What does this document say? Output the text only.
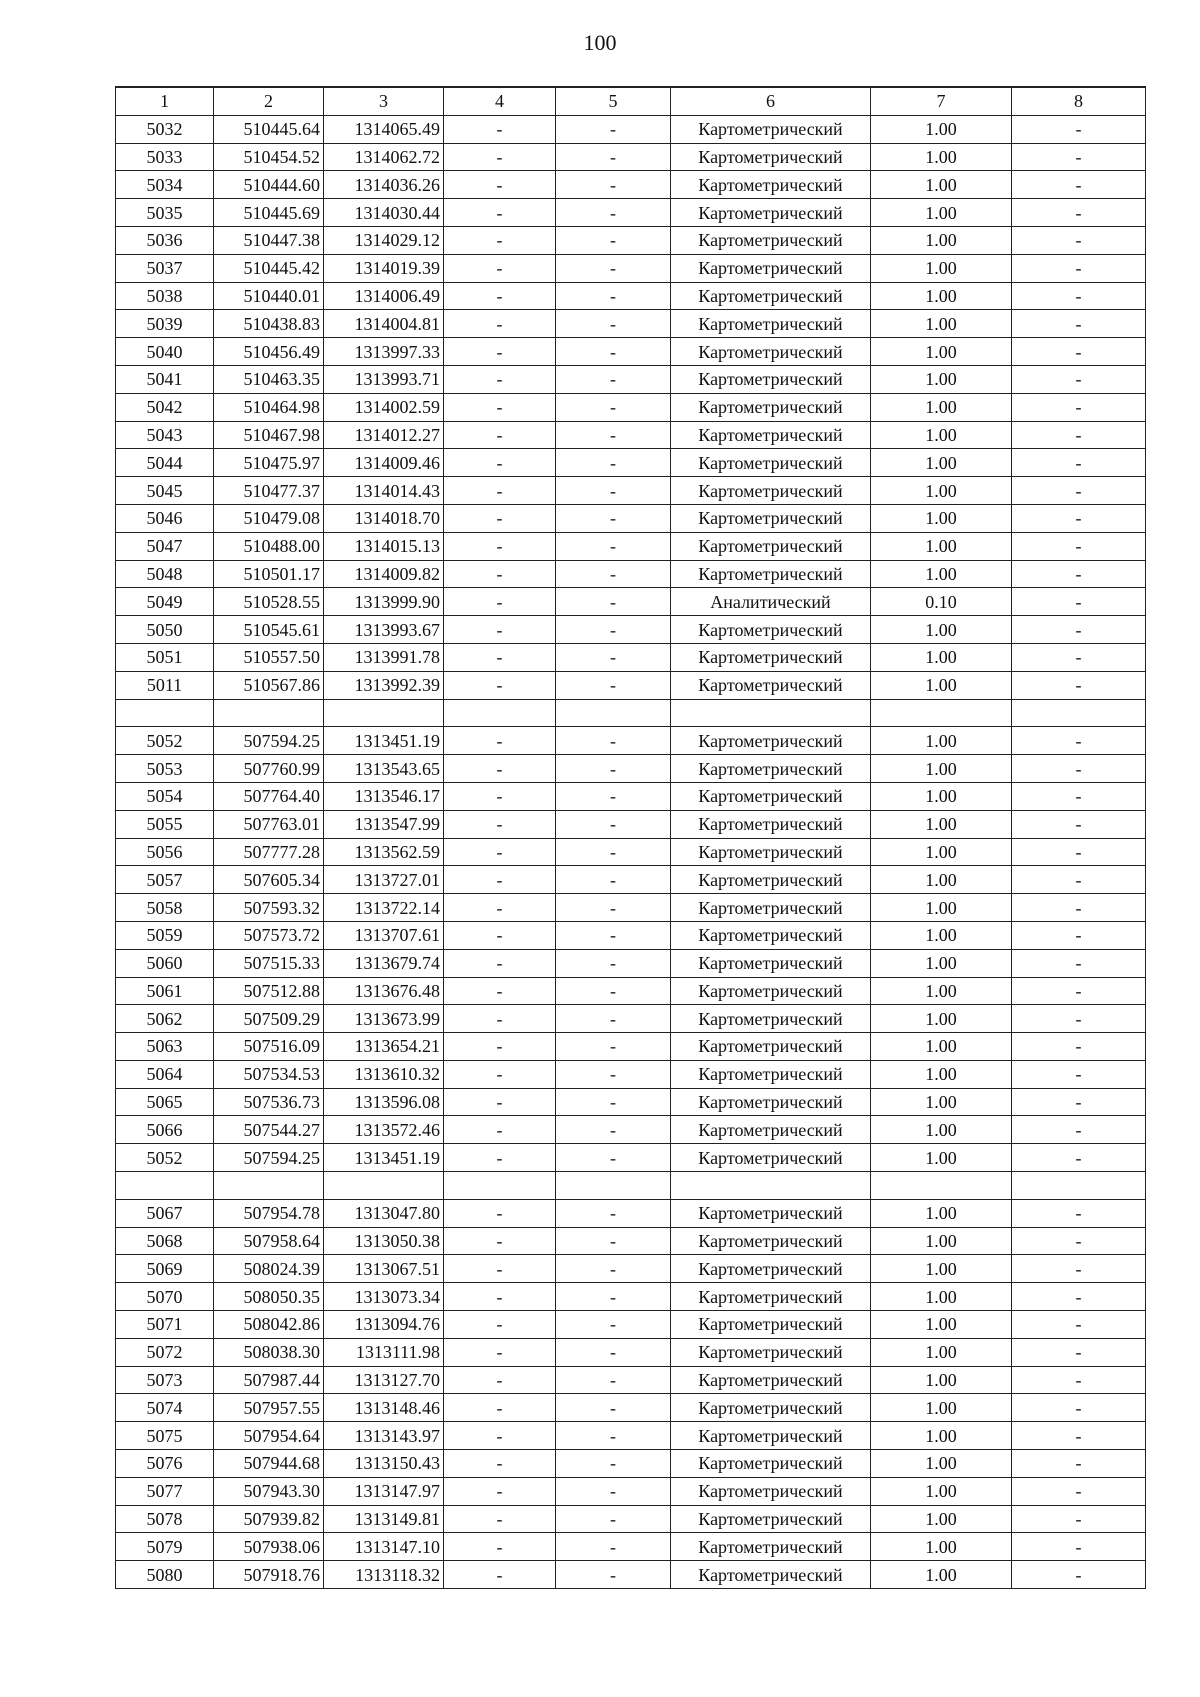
100
1	2	3	4	5	6	7	8
5032	510445.64	1314065.49	-	-	Картометрический	1.00	-
5033	510454.52	1314062.72	-	-	Картометрический	1.00	-
5034	510444.60	1314036.26	-	-	Картометрический	1.00	-
5035	510445.69	1314030.44	-	-	Картометрический	1.00	-
5036	510447.38	1314029.12	-	-	Картометрический	1.00	-
5037	510445.42	1314019.39	-	-	Картометрический	1.00	-
5038	510440.01	1314006.49	-	-	Картометрический	1.00	-
5039	510438.83	1314004.81	-	-	Картометрический	1.00	-
5040	510456.49	1313997.33	-	-	Картометрический	1.00	-
5041	510463.35	1313993.71	-	-	Картометрический	1.00	-
5042	510464.98	1314002.59	-	-	Картометрический	1.00	-
5043	510467.98	1314012.27	-	-	Картометрический	1.00	-
5044	510475.97	1314009.46	-	-	Картометрический	1.00	-
5045	510477.37	1314014.43	-	-	Картометрический	1.00	-
5046	510479.08	1314018.70	-	-	Картометрический	1.00	-
5047	510488.00	1314015.13	-	-	Картометрический	1.00	-
5048	510501.17	1314009.82	-	-	Картометрический	1.00	-
5049	510528.55	1313999.90	-	-	Аналитический	0.10	-
5050	510545.61	1313993.67	-	-	Картометрический	1.00	-
5051	510557.50	1313991.78	-	-	Картометрический	1.00	-
5011	510567.86	1313992.39	-	-	Картометрический	1.00	-

5052	507594.25	1313451.19	-	-	Картометрический	1.00	-
5053	507760.99	1313543.65	-	-	Картометрический	1.00	-
5054	507764.40	1313546.17	-	-	Картометрический	1.00	-
5055	507763.01	1313547.99	-	-	Картометрический	1.00	-
5056	507777.28	1313562.59	-	-	Картометрический	1.00	-
5057	507605.34	1313727.01	-	-	Картометрический	1.00	-
5058	507593.32	1313722.14	-	-	Картометрический	1.00	-
5059	507573.72	1313707.61	-	-	Картометрический	1.00	-
5060	507515.33	1313679.74	-	-	Картометрический	1.00	-
5061	507512.88	1313676.48	-	-	Картометрический	1.00	-
5062	507509.29	1313673.99	-	-	Картометрический	1.00	-
5063	507516.09	1313654.21	-	-	Картометрический	1.00	-
5064	507534.53	1313610.32	-	-	Картометрический	1.00	-
5065	507536.73	1313596.08	-	-	Картометрический	1.00	-
5066	507544.27	1313572.46	-	-	Картометрический	1.00	-
5052	507594.25	1313451.19	-	-	Картометрический	1.00	-

5067	507954.78	1313047.80	-	-	Картометрический	1.00	-
5068	507958.64	1313050.38	-	-	Картометрический	1.00	-
5069	508024.39	1313067.51	-	-	Картометрический	1.00	-
5070	508050.35	1313073.34	-	-	Картометрический	1.00	-
5071	508042.86	1313094.76	-	-	Картометрический	1.00	-
5072	508038.30	1313111.98	-	-	Картометрический	1.00	-
5073	507987.44	1313127.70	-	-	Картометрический	1.00	-
5074	507957.55	1313148.46	-	-	Картометрический	1.00	-
5075	507954.64	1313143.97	-	-	Картометрический	1.00	-
5076	507944.68	1313150.43	-	-	Картометрический	1.00	-
5077	507943.30	1313147.97	-	-	Картометрический	1.00	-
5078	507939.82	1313149.81	-	-	Картометрический	1.00	-
5079	507938.06	1313147.10	-	-	Картометрический	1.00	-
5080	507918.76	1313118.32	-	-	Картометрический	1.00	-
